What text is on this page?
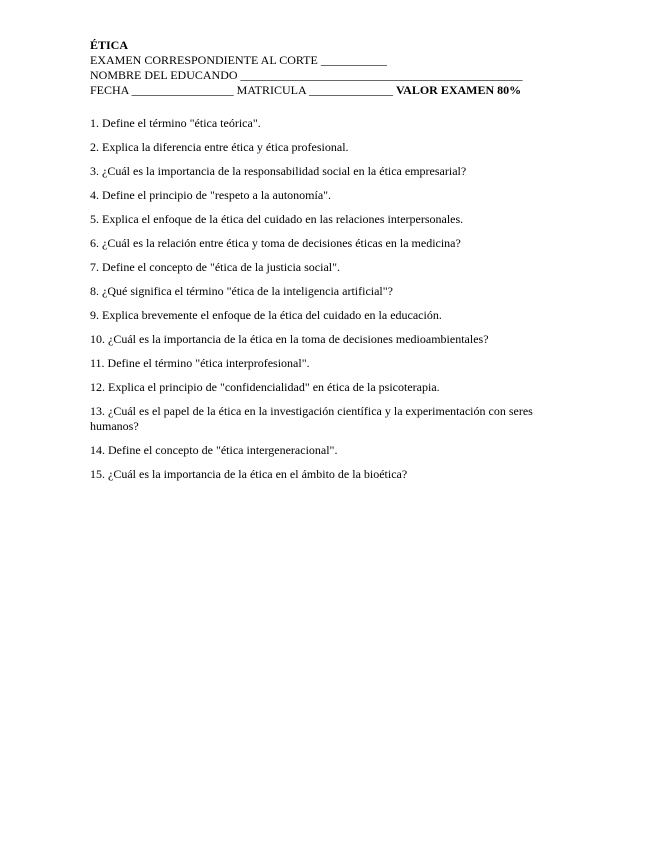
ÉTICA

EXAMEN CORRESPONDIENTE AL CORTE ___________

NOMBRE DEL EDUCANDO _______________________________________________

FECHA _________________ MATRICULA ______________ VALOR EXAMEN 80%

1. Define el término "ética teórica".

2. Explica la diferencia entre ética y ética profesional.

3. ¿Cuál es la importancia de la responsabilidad social en la ética empresarial?

4. Define el principio de "respeto a la autonomía".

5. Explica el enfoque de la ética del cuidado en las relaciones interpersonales.

6. ¿Cuál es la relación entre ética y toma de decisiones éticas en la medicina?

7. Define el concepto de "ética de la justicia social".

8. ¿Qué significa el término "ética de la inteligencia artificial"?

9. Explica brevemente el enfoque de la ética del cuidado en la educación.

10. ¿Cuál es la importancia de la ética en la toma de decisiones medioambientales?

11. Define el término "ética interprofesional".

12. Explica el principio de "confidencialidad" en ética de la psicoterapia.

13. ¿Cuál es el papel de la ética en la investigación científica y la experimentación con seres humanos?

14. Define el concepto de "ética intergeneracional".

15. ¿Cuál es la importancia de la ética en el ámbito de la bioética?
